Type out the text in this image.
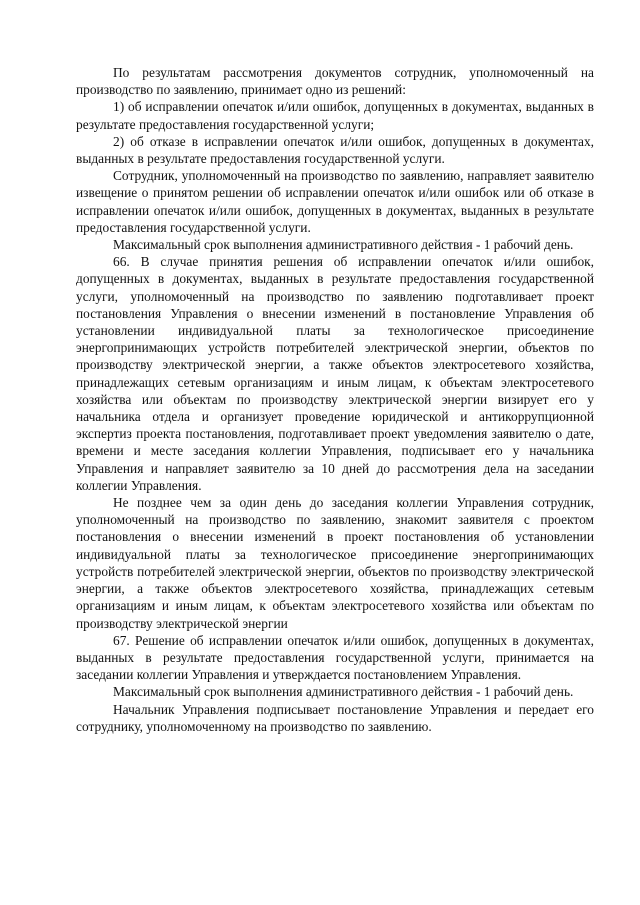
По результатам рассмотрения документов сотрудник, уполномоченный на производство по заявлению, принимает одно из решений:

1) об исправлении опечаток и/или ошибок, допущенных в документах, выданных в результате предоставления государственной услуги;

2) об отказе в исправлении опечаток и/или ошибок, допущенных в документах, выданных в результате предоставления государственной услуги.

Сотрудник, уполномоченный на производство по заявлению, направляет заявителю извещение о принятом решении об исправлении опечаток и/или ошибок или об отказе в исправлении опечаток и/или ошибок, допущенных в документах, выданных в результате предоставления государственной услуги.

Максимальный срок выполнения административного действия - 1 рабочий день.

66. В случае принятия решения об исправлении опечаток и/или ошибок, допущенных в документах, выданных в результате предоставления государственной услуги, уполномоченный на производство по заявлению подготавливает проект постановления Управления о внесении изменений в постановление Управления об установлении индивидуальной платы за технологическое присоединение энергопринимающих устройств потребителей электрической энергии, объектов по производству электрической энергии, а также объектов электросетевого хозяйства, принадлежащих сетевым организациям и иным лицам, к объектам электросетевого хозяйства или объектам по производству электрической энергии визирует его у начальника отдела и организует проведение юридической и антикоррупционной экспертиз проекта постановления, подготавливает проект уведомления заявителю о дате, времени и месте заседания коллегии Управления, подписывает его у начальника Управления и направляет заявителю за 10 дней до рассмотрения дела на заседании коллегии Управления.

Не позднее чем за один день до заседания коллегии Управления сотрудник, уполномоченный на производство по заявлению, знакомит заявителя с проектом постановления о внесении изменений в проект постановления об установлении индивидуальной платы за технологическое присоединение энергопринимающих устройств потребителей электрической энергии, объектов по производству электрической энергии, а также объектов электросетевого хозяйства, принадлежащих сетевым организациям и иным лицам, к объектам электросетевого хозяйства или объектам по производству электрической энергии

67. Решение об исправлении опечаток и/или ошибок, допущенных в документах, выданных в результате предоставления государственной услуги, принимается на заседании коллегии Управления и утверждается постановлением Управления.

Максимальный срок выполнения административного действия - 1 рабочий день.

Начальник Управления подписывает постановление Управления и передает его сотруднику, уполномоченному на производство по заявлению.
